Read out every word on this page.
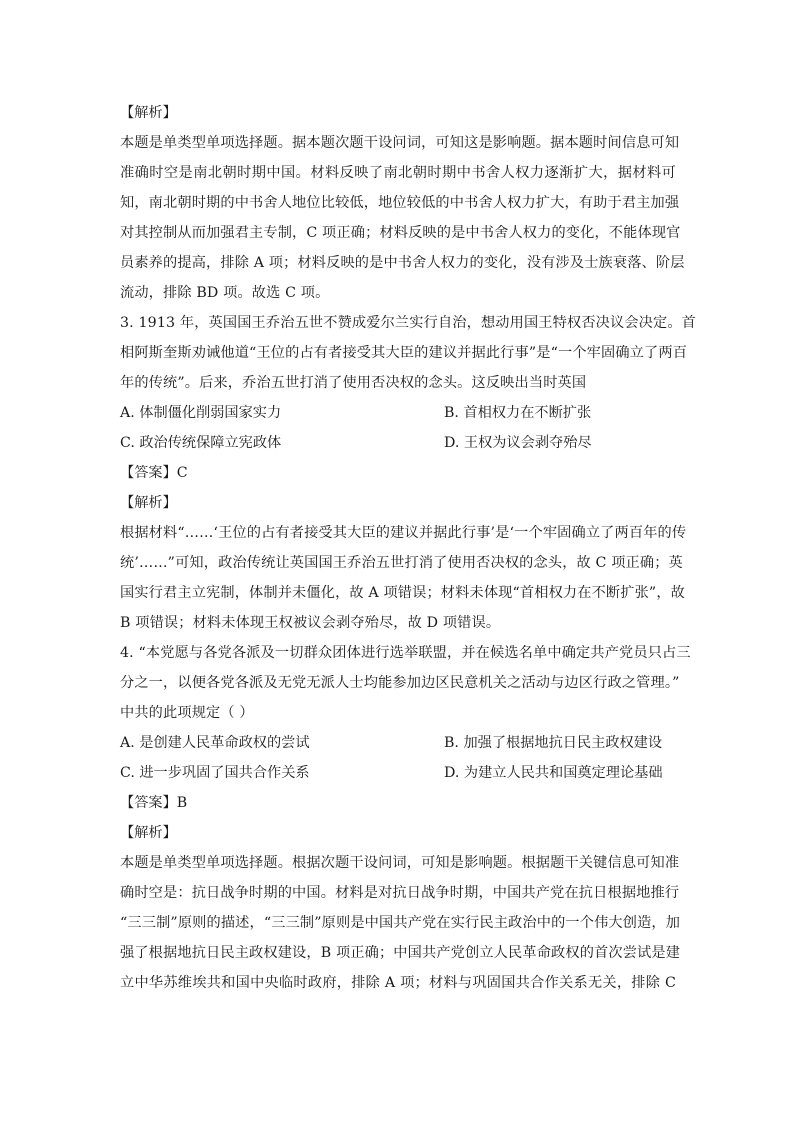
【解析】
本题是单类型单项选择题。据本题次题干设问词，可知这是影响题。据本题时间信息可知
准确时空是南北朝时期中国。材料反映了南北朝时期中书舍人权力逐渐扩大，据材料可
知，南北朝时期的中书舍人地位比较低，地位较低的中书舍人权力扩大，有助于君主加强
对其控制从而加强君主专制，C 项正确；材料反映的是中书舍人权力的变化，不能体现官
员素养的提高，排除 A 项；材料反映的是中书舍人权力的变化，没有涉及士族衰落、阶层
流动，排除 BD 项。故选 C 项。
3. 1913 年，英国国王乔治五世不赞成爱尔兰实行自治，想动用国王特权否决议会决定。首
相阿斯奎斯劝诫他道“王位的占有者接受其大臣的建议并据此行事”是“一个牢固确立了两百
年的传统”。后来，乔治五世打消了使用否决权的念头。这反映出当时英国
A. 体制僵化削弱国家实力	B. 首相权力在不断扩张
C. 政治传统保障立宪政体	D. 王权为议会剥夺殆尽
【答案】C
【解析】
根据材料“……‘王位的占有者接受其大臣的建议并据此行事’是‘一个牢固确立了两百年的传
统’……”可知，政治传统让英国国王乔治五世打消了使用否决权的念头，故 C 项正确；英
国实行君主立宪制，体制并未僵化，故 A 项错误；材料未体现“首相权力在不断扩张”，故
B 项错误；材料未体现王权被议会剥夺殆尽，故 D 项错误。
4. “本党愿与各党各派及一切群众团体进行选举联盟，并在候选名单中确定共产党员只占三
分之一，以便各党各派及无党无派人士均能参加边区民意机关之活动与边区行政之管理。”
中共的此项规定（ ）
A. 是创建人民革命政权的尝试	B. 加强了根据地抗日民主政权建设
C. 进一步巩固了国共合作关系	D. 为建立人民共和国奠定理论基础
【答案】B
【解析】
本题是单类型单项选择题。根据次题干设问词，可知是影响题。根据题干关键信息可知准
确时空是：抗日战争时期的中国。材料是对抗日战争时期，中国共产党在抗日根据地推行
“三三制”原则的描述，“三三制”原则是中国共产党在实行民主政治中的一个伟大创造，加
强了根据地抗日民主政权建设，B 项正确；中国共产党创立人民革命政权的首次尝试是建
立中华苏维埃共和国中央临时政府，排除 A 项；材料与巩固国共合作关系无关，排除 C
